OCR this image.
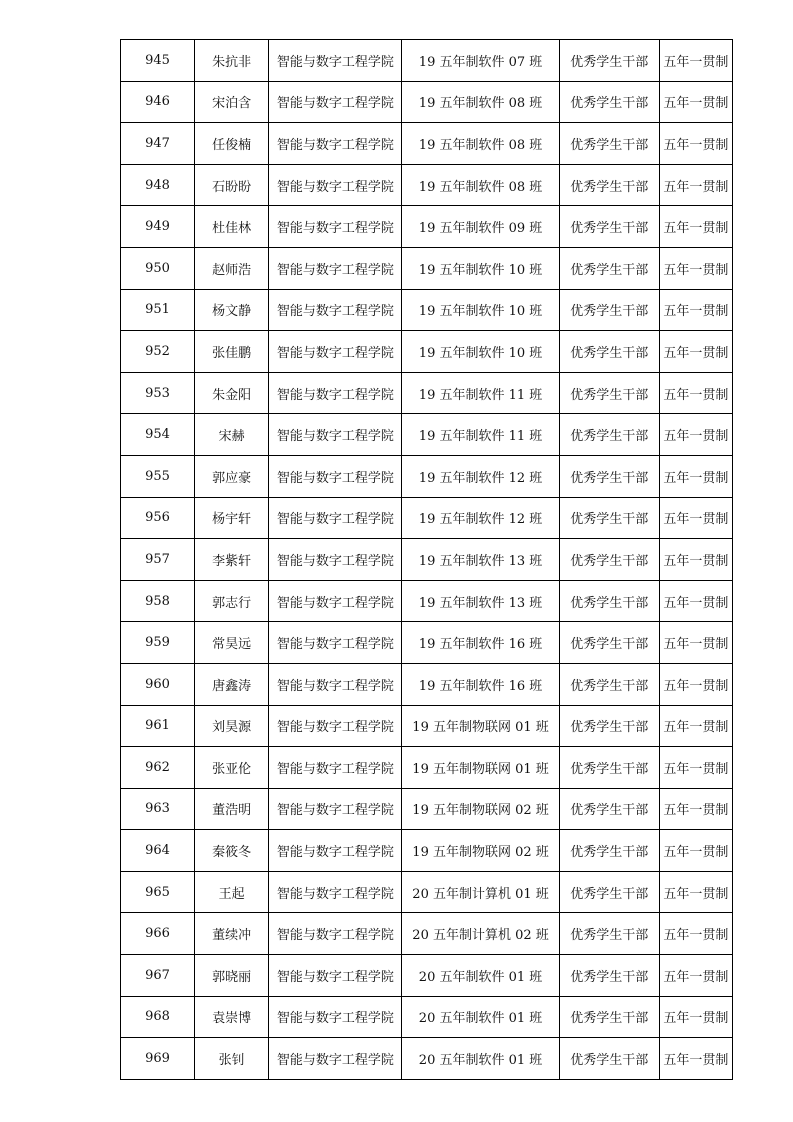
945	朱抗非	智能与数字工程学院	19 五年制软件 07 班	优秀学生干部	五年一贯制
946	宋泊含	智能与数字工程学院	19 五年制软件 08 班	优秀学生干部	五年一贯制
947	任俊楠	智能与数字工程学院	19 五年制软件 08 班	优秀学生干部	五年一贯制
948	石盼盼	智能与数字工程学院	19 五年制软件 08 班	优秀学生干部	五年一贯制
949	杜佳林	智能与数字工程学院	19 五年制软件 09 班	优秀学生干部	五年一贯制
950	赵师浩	智能与数字工程学院	19 五年制软件 10 班	优秀学生干部	五年一贯制
951	杨文静	智能与数字工程学院	19 五年制软件 10 班	优秀学生干部	五年一贯制
952	张佳鹏	智能与数字工程学院	19 五年制软件 10 班	优秀学生干部	五年一贯制
953	朱金阳	智能与数字工程学院	19 五年制软件 11 班	优秀学生干部	五年一贯制
954	宋赫	智能与数字工程学院	19 五年制软件 11 班	优秀学生干部	五年一贯制
955	郭应豪	智能与数字工程学院	19 五年制软件 12 班	优秀学生干部	五年一贯制
956	杨宇轩	智能与数字工程学院	19 五年制软件 12 班	优秀学生干部	五年一贯制
957	李紫轩	智能与数字工程学院	19 五年制软件 13 班	优秀学生干部	五年一贯制
958	郭志行	智能与数字工程学院	19 五年制软件 13 班	优秀学生干部	五年一贯制
959	常昊远	智能与数字工程学院	19 五年制软件 16 班	优秀学生干部	五年一贯制
960	唐鑫涛	智能与数字工程学院	19 五年制软件 16 班	优秀学生干部	五年一贯制
961	刘昊源	智能与数字工程学院	19 五年制物联网 01 班	优秀学生干部	五年一贯制
962	张亚伦	智能与数字工程学院	19 五年制物联网 01 班	优秀学生干部	五年一贯制
963	董浩明	智能与数字工程学院	19 五年制物联网 02 班	优秀学生干部	五年一贯制
964	秦筱冬	智能与数字工程学院	19 五年制物联网 02 班	优秀学生干部	五年一贯制
965	王起	智能与数字工程学院	20 五年制计算机 01 班	优秀学生干部	五年一贯制
966	董续冲	智能与数字工程学院	20 五年制计算机 02 班	优秀学生干部	五年一贯制
967	郭晓丽	智能与数字工程学院	20 五年制软件 01 班	优秀学生干部	五年一贯制
968	袁崇博	智能与数字工程学院	20 五年制软件 01 班	优秀学生干部	五年一贯制
969	张钊	智能与数字工程学院	20 五年制软件 01 班	优秀学生干部	五年一贯制
